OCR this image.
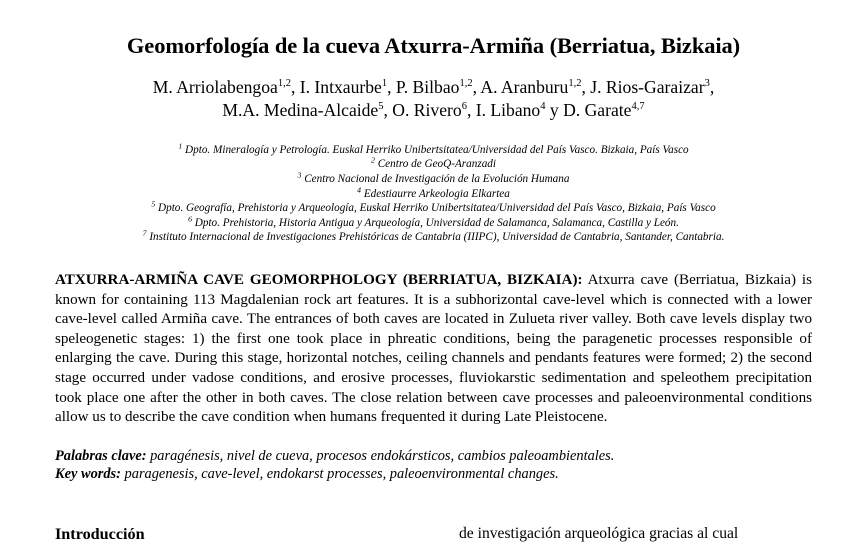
Geomorfología de la cueva Atxurra-Armiña (Berriatua, Bizkaia)
M. Arriolabengoa$^{1,2}$, I. Intxaurbe$^1$, P. Bilbao$^{1,2}$, A. Aranburu$^{1,2}$, J. Rios-Garaizar$^3$,
M.A. Medina-Alcaide$^5$, O. Rivero$^6$, I. Libano$^4$ y D. Garate$^{4,7}$
$^1$ Dpto. Mineralogía y Petrología. Euskal Herriko Unibertsitatea/Universidad del País Vasco. Bizkaia, País Vasco
$^2$ Centro de GeoQ-Aranzadi
$^3$ Centro Nacional de Investigación de la Evolución Humana
$^4$ Edestiaurre Arkeologia Elkartea
$^5$ Dpto. Geografía, Prehistoria y Arqueología, Euskal Herriko Unibertsitatea/Universidad del País Vasco, Bizkaia, País Vasco
$^6$ Dpto. Prehistoria, Historia Antigua y Arqueología, Universidad de Salamanca, Salamanca, Castilla y León.
$^7$ Instituto Internacional de Investigaciones Prehistóricas de Cantabria (IIIPC), Universidad de Cantabria, Santander, Cantabria.

ATXURRA-ARMIÑA CAVE GEOMORPHOLOGY (BERRIATUA, BIZKAIA): Atxurra cave (Berriatua, Bizkaia) is known for containing 113 Magdalenian rock art features. It is a subhorizontal cave-level which is connected with a lower cave-level called Armiña cave. The entrances of both caves are located in Zulueta river valley. Both cave levels display two speleogenetic stages: 1) the first one took place in phreatic conditions, being the paragenetic processes responsible of enlarging the cave. During this stage, horizontal notches, ceiling channels and pendants features were formed; 2) the second stage occurred under vadose conditions, and erosive processes, fluviokarstic sedimentation and speleothem precipitation took place one after the other in both caves. The close relation between cave processes and paleoenvironmental conditions allow us to describe the cave condition when humans frequented it during Late Pleistocene.

Palabras clave: paragénesis, nivel de cueva, procesos endokársticos, cambios paleoambientales.
Key words: paragenesis, cave-level, endokarst processes, paleoenvironmental changes.
Introducción	de investigación arqueológica gracias al cual
